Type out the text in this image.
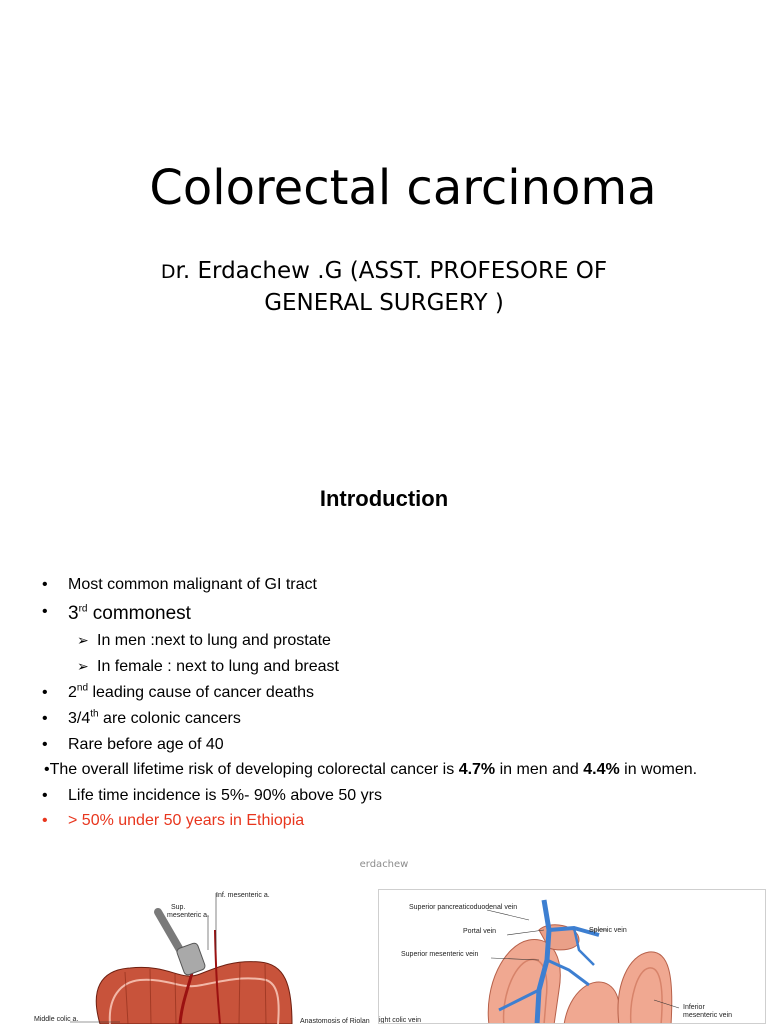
Colorectal carcinoma
Dr. Erdachew .G (ASST. PROFESORE OF
GENERAL SURGERY )
Introduction
• Most common malignant of GI tract
• 3rd commonest
➢ In men :next to lung and prostate
➢ In female : next to lung and breast
• 2nd leading cause of cancer deaths
• 3/4th are colonic cancers
• Rare before age of 40
•The overall lifetime risk of developing colorectal cancer is 4.7% in men and 4.4% in women.
• Life time incidence is 5%- 90% above 50 yrs
• > 50% under 50 years in Ethiopia
erdachew
Sup.
mesenteric a.
Inf. mesenteric a.
Middle colic a.	Anastomosis of Riolan
Superior pancreaticoduodenal vein
Portal vein	Splenic vein
Superior mesenteric vein
Inferior
mesenteric vein
ight colic vein
